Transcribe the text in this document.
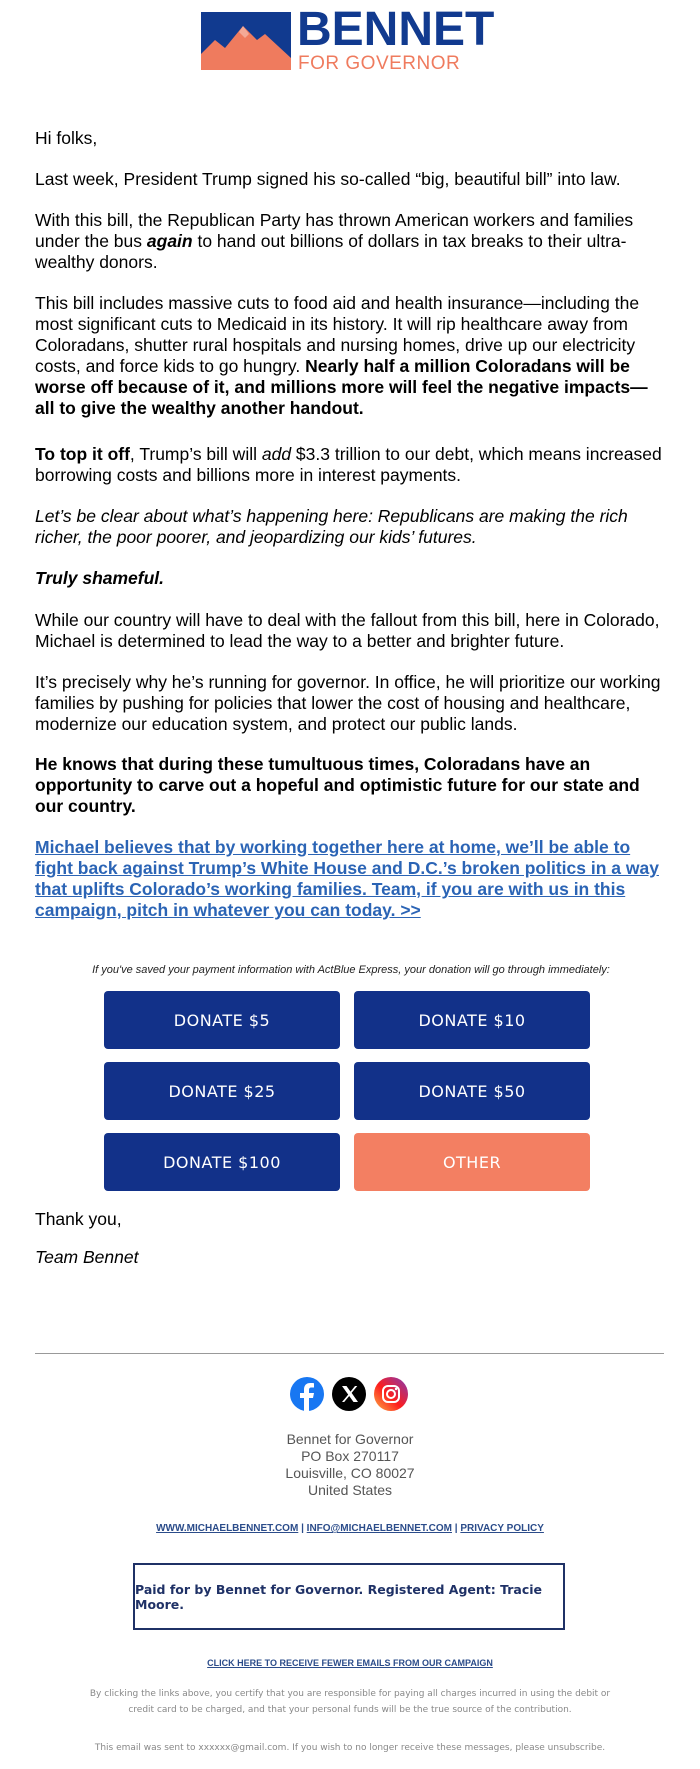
BENNET
FOR GOVERNOR

Hi folks,

Last week, President Trump signed his so-called “big, beautiful bill” into law.

With this bill, the Republican Party has thrown American workers and families under the bus again to hand out billions of dollars in tax breaks to their ultra-wealthy donors.

This bill includes massive cuts to food aid and health insurance—including the most significant cuts to Medicaid in its history. It will rip healthcare away from Coloradans, shutter rural hospitals and nursing homes, drive up our electricity costs, and force kids to go hungry. Nearly half a million Coloradans will be worse off because of it, and millions more will feel the negative impacts—all to give the wealthy another handout.

To top it off, Trump’s bill will add $3.3 trillion to our debt, which means increased borrowing costs and billions more in interest payments.

Let’s be clear about what’s happening here: Republicans are making the rich richer, the poor poorer, and jeopardizing our kids’ futures.

Truly shameful.

While our country will have to deal with the fallout from this bill, here in Colorado, Michael is determined to lead the way to a better and brighter future.

It’s precisely why he’s running for governor. In office, he will prioritize our working families by pushing for policies that lower the cost of housing and healthcare, modernize our education system, and protect our public lands.

He knows that during these tumultuous times, Coloradans have an opportunity to carve out a hopeful and optimistic future for our state and our country.

Michael believes that by working together here at home, we’ll be able to fight back against Trump’s White House and D.C.’s broken politics in a way that uplifts Colorado’s working families. Team, if you are with us in this campaign, pitch in whatever you can today. >>

If you've saved your payment information with ActBlue Express, your donation will go through immediately:
DONATE $5	DONATE $10
DONATE $25	DONATE $50
DONATE $100	OTHER

Thank you,

Team Bennet

Bennet for Governor
PO Box 270117
Louisville, CO 80027
United States
WWW.MICHAELBENNET.COM | INFO@MICHAELBENNET.COM | PRIVACY POLICY
Paid for by Bennet for Governor. Registered Agent: Tracie Moore.
CLICK HERE TO RECEIVE FEWER EMAILS FROM OUR CAMPAIGN
By clicking the links above, you certify that you are responsible for paying all charges incurred in using the debit or credit card to be charged, and that your personal funds will be the true source of the contribution.
This email was sent to xxxxxx@gmail.com. If you wish to no longer receive these messages, please unsubscribe.
